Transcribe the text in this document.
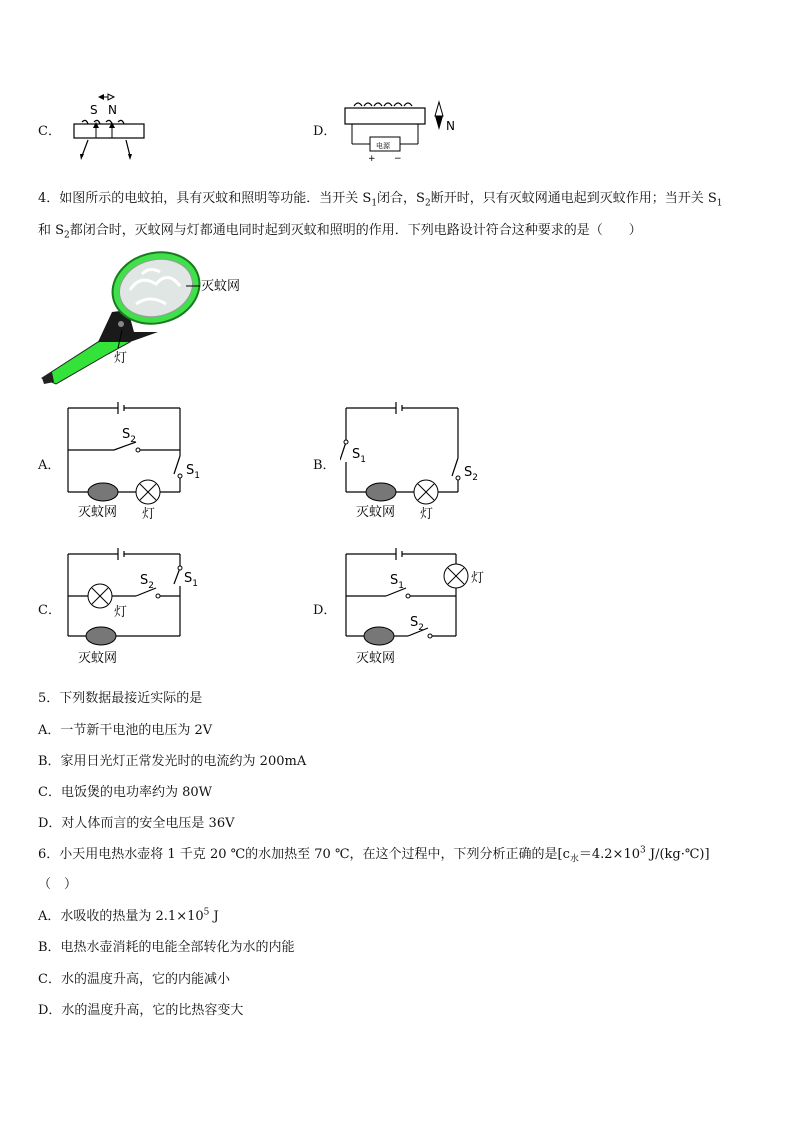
C．
S N
D．
电源
+ −
N
4．如图所示的电蚊拍，具有灭蚊和照明等功能．当开关 $S_1$闭合，$S_2$断开时，只有灭蚊网通电起到灭蚊作用；当开关 $S_1$
和 $S_2$都闭合时，灭蚊网与灯都通电同时起到灭蚊和照明的作用．下列电路设计符合这种要求的是（　　）
灭蚊网
灯
A．
$S_2$
$S_1$
灭蚊网 灯
B．
$S_1$
$S_2$
灭蚊网 灯
C．
$S_2$ $S_1$
灯
灭蚊网
D．
$S_1$
$S_2$
灯
灭蚊网
5．下列数据最接近实际的是
A．一节新干电池的电压为 2V
B．家用日光灯正常发光时的电流约为 200mA
C．电饭煲的电功率约为 80W
D．对人体而言的安全电压是 36V
6．小天用电热水壶将 1 千克 20 ℃的水加热至 70 ℃，在这个过程中，下列分析正确的是[$c_水=4.2\times 10^3$ J/(kg·℃)]
（　）
A．水吸收的热量为 $2.1\times 10^5$ J
B．电热水壶消耗的电能全部转化为水的内能
C．水的温度升高，它的内能减小
D．水的温度升高，它的比热容变大
